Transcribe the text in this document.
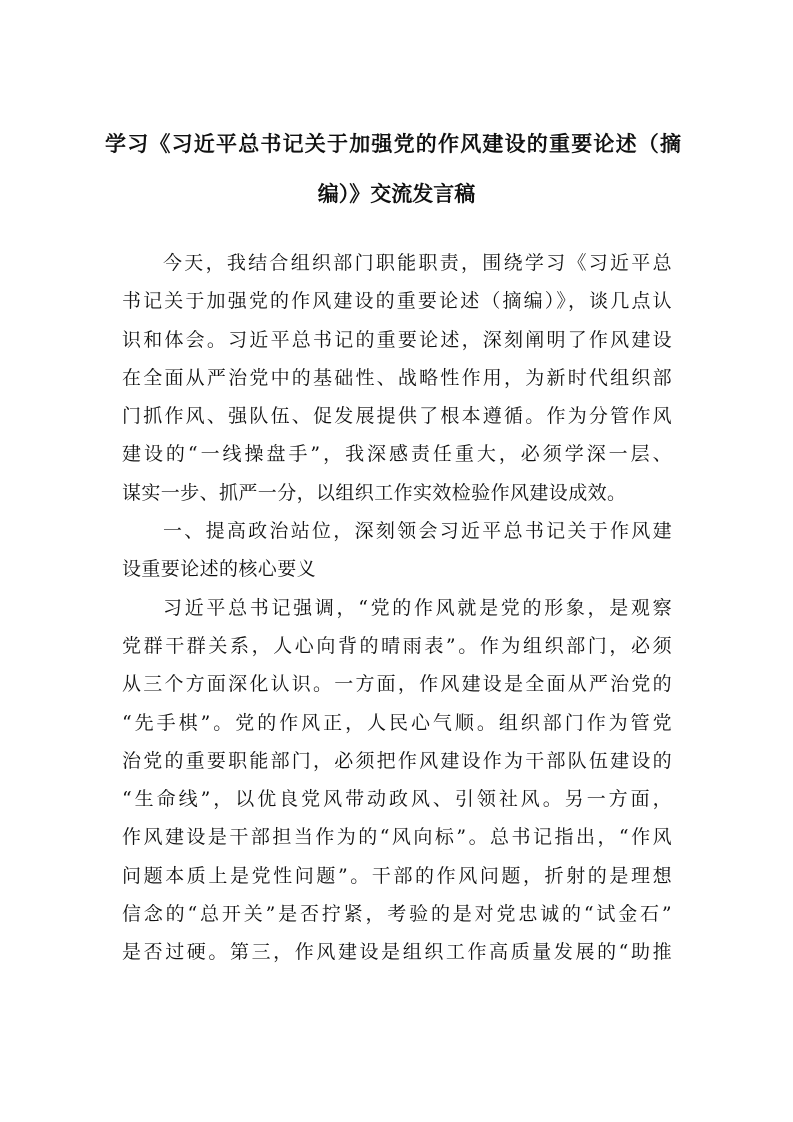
学习《习近平总书记关于加强党的作风建设的重要论述（摘
编）》交流发言稿
今天，我结合组织部门职能职责，围绕学习《习近平总
书记关于加强党的作风建设的重要论述（摘编）》，谈几点认
识和体会。习近平总书记的重要论述，深刻阐明了作风建设
在全面从严治党中的基础性、战略性作用，为新时代组织部
门抓作风、强队伍、促发展提供了根本遵循。作为分管作风
建设的“一线操盘手”，我深感责任重大，必须学深一层、
谋实一步、抓严一分，以组织工作实效检验作风建设成效。
一、提高政治站位，深刻领会习近平总书记关于作风建
设重要论述的核心要义
习近平总书记强调，“党的作风就是党的形象，是观察
党群干群关系，人心向背的晴雨表”。作为组织部门，必须
从三个方面深化认识。一方面，作风建设是全面从严治党的
“先手棋”。党的作风正，人民心气顺。组织部门作为管党
治党的重要职能部门，必须把作风建设作为干部队伍建设的
“生命线”，以优良党风带动政风、引领社风。另一方面，
作风建设是干部担当作为的“风向标”。总书记指出，“作风
问题本质上是党性问题”。干部的作风问题，折射的是理想
信念的“总开关”是否拧紧，考验的是对党忠诚的“试金石”
是否过硬。第三，作风建设是组织工作高质量发展的“助推
